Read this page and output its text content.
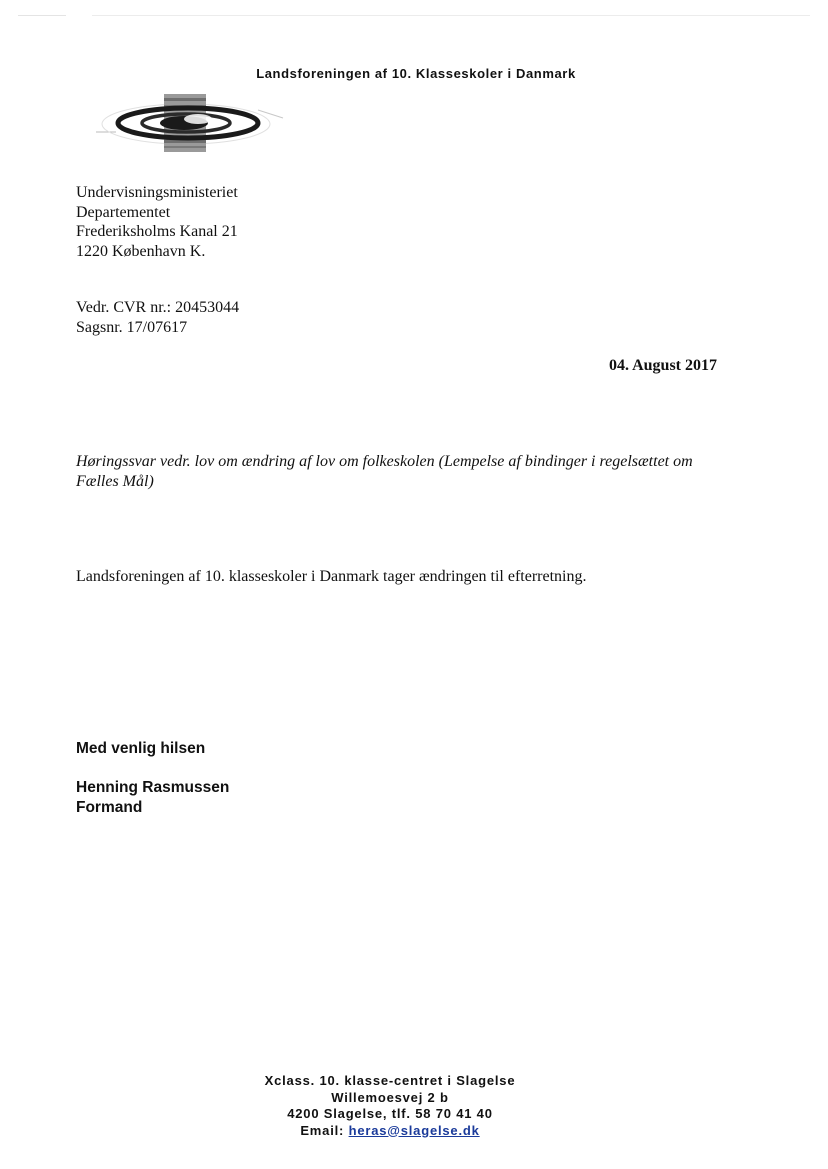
Landsforeningen af 10. Klasseskoler i Danmark
Undervisningsministeriet
Departementet
Frederiksholms Kanal 21
1220 København K.
Vedr. CVR nr.: 20453044
Sagsnr. 17/07617
04. August 2017
Høringssvar vedr. lov om ændring af lov om folkeskolen (Lempelse af bindinger i regelsættet om
Fælles Mål)
Landsforeningen af 10. klasseskoler i Danmark tager ændringen til efterretning.
Med venlig hilsen
Henning Rasmussen
Formand
Xclass. 10. klasse-centret i Slagelse
Willemoesvej 2 b
4200 Slagelse, tlf. 58 70 41 40
Email: heras@slagelse.dk
